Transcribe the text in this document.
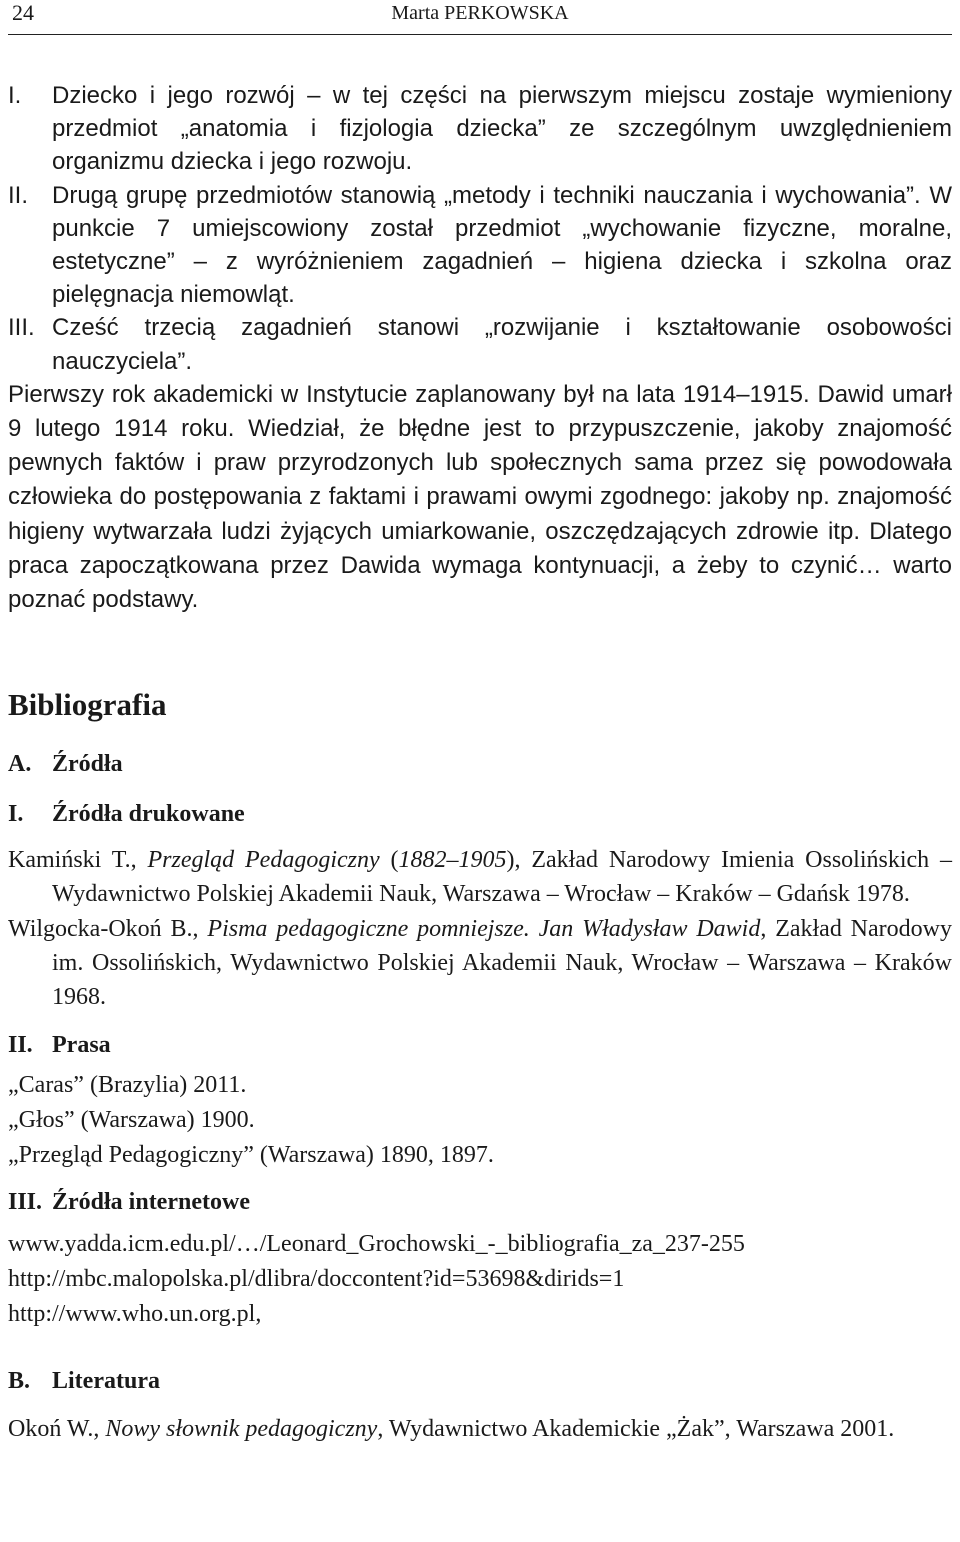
24	Marta PERKOWSKA
I. Dziecko i jego rozwój – w tej części na pierwszym miejscu zostaje wymieniony przedmiot „anatomia i fizjologia dziecka” ze szczególnym uwzględnieniem organizmu dziecka i jego rozwoju.
II. Drugą grupę przedmiotów stanowią „metody i techniki nauczania i wychowania”. W punkcie 7 umiejscowiony został przedmiot „wychowanie fizyczne, moralne, estetyczne” – z wyróżnieniem zagadnień – higiena dziecka i szkolna oraz pielęgnacja niemowląt.
III. Cześć trzecią zagadnień stanowi „rozwijanie i kształtowanie osobowości nauczyciela”.
Pierwszy rok akademicki w Instytucie zaplanowany był na lata 1914–1915. Dawid umarł 9 lutego 1914 roku. Wiedział, że błędne jest to przypuszczenie, jakoby znajomość pewnych faktów i praw przyrodzonych lub społecznych sama przez się powodowała człowieka do postępowania z faktami i prawami owymi zgodnego: jakoby np. znajomość higieny wytwarzała ludzi żyjących umiarkowanie, oszczędzających zdrowie itp. Dlatego praca zapoczątkowana przez Dawida wymaga kontynuacji, a żeby to czynić… warto poznać podstawy.
Bibliografia
A. Źródła
I. Źródła drukowane
Kamiński T., Przegląd Pedagogiczny (1882–1905), Zakład Narodowy Imienia Ossolińskich – Wydawnictwo Polskiej Akademii Nauk, Warszawa – Wrocław – Kraków – Gdańsk 1978.
Wilgocka-Okoń B., Pisma pedagogiczne pomniejsze. Jan Władysław Dawid, Zakład Narodowy im. Ossolińskich, Wydawnictwo Polskiej Akademii Nauk, Wrocław – Warszawa – Kraków 1968.
II. Prasa
„Caras” (Brazylia) 2011.
„Głos” (Warszawa) 1900.
„Przegląd Pedagogiczny” (Warszawa) 1890, 1897.
III. Źródła internetowe
www.yadda.icm.edu.pl/…/Leonard_Grochowski_-_bibliografia_za_237-255
http://mbc.malopolska.pl/dlibra/doccontent?id=53698&dirids=1
http://www.who.un.org.pl,
B. Literatura
Okoń W., Nowy słownik pedagogiczny, Wydawnictwo Akademickie „Żak”, Warszawa 2001.
